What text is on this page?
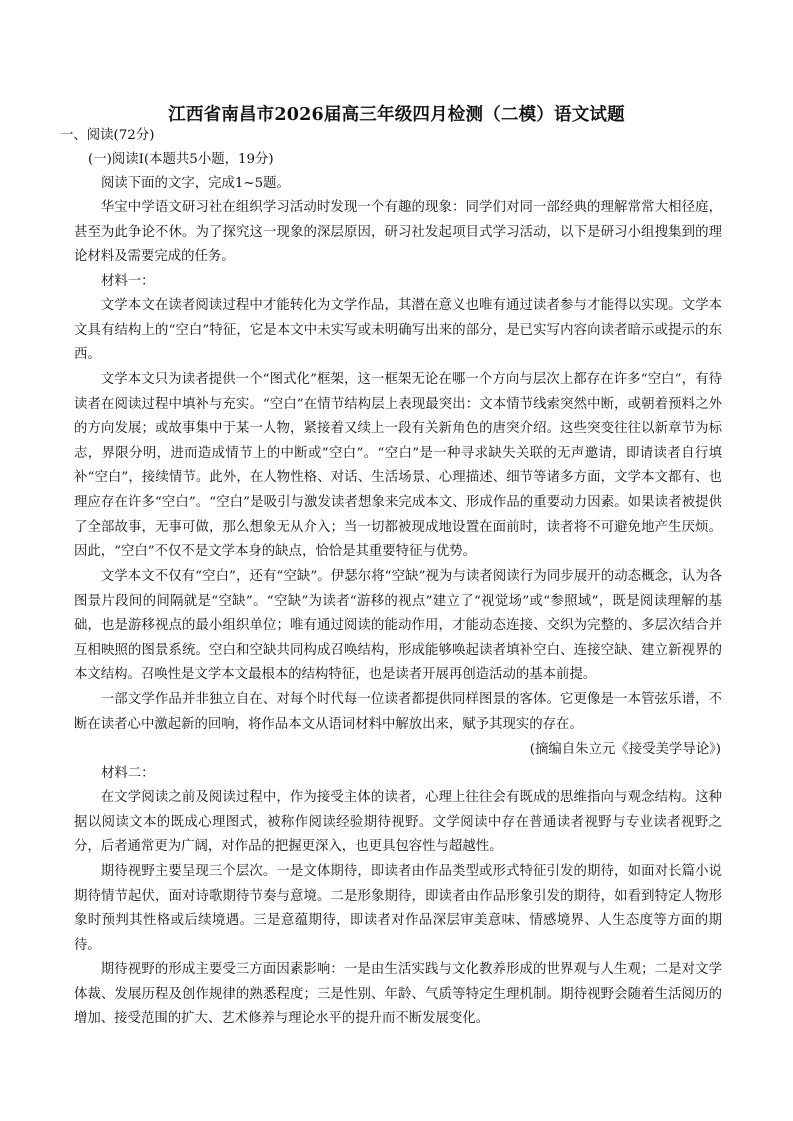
江西省南昌市2026届高三年级四月检测（二模）语文试题
一、阅读(72分)
(一)阅读Ⅰ(本题共5小题，19分)
阅读下面的文字，完成1~5题。

华宝中学语文研习社在组织学习活动时发现一个有趣的现象：同学们对同一部经典的理解常常大相径庭，甚至为此争论不休。为了探究这一现象的深层原因，研习社发起项目式学习活动，以下是研习小组搜集到的理论材料及需要完成的任务。

材料一：

文学本文在读者阅读过程中才能转化为文学作品，其潜在意义也唯有通过读者参与才能得以实现。文学本文具有结构上的“空白”特征，它是本文中未实写或未明确写出来的部分，是已实写内容向读者暗示或提示的东西。

文学本文只为读者提供一个“图式化”框架，这一框架无论在哪一个方向与层次上都存在许多“空白”，有待读者在阅读过程中填补与充实。“空白”在情节结构层上表现最突出：文本情节线索突然中断，或朝着预料之外的方向发展；或故事集中于某一人物，紧接着又续上一段有关新角色的唐突介绍。这些突变往往以新章节为标志，界限分明，进而造成情节上的中断或“空白”。“空白”是一种寻求缺失关联的无声邀请，即请读者自行填补“空白”，接续情节。此外，在人物性格、对话、生活场景、心理描述、细节等诸多方面，文学本文都有、也理应存在许多“空白”。“空白”是吸引与激发读者想象来完成本文、形成作品的重要动力因素。如果读者被提供了全部故事，无事可做，那么想象无从介入；当一切都被现成地设置在面前时，读者将不可避免地产生厌烦。因此，“空白”不仅不是文学本身的缺点，恰恰是其重要特征与优势。

文学本文不仅有“空白”，还有“空缺”。伊瑟尔将“空缺”视为与读者阅读行为同步展开的动态概念，认为各图景片段间的间隔就是“空缺”。“空缺”为读者“游移的视点”建立了“视觉场”或“参照域”，既是阅读理解的基础，也是游移视点的最小组织单位；唯有通过阅读的能动作用，才能动态连接、交织为完整的、多层次结合并互相映照的图景系统。空白和空缺共同构成召唤结构，形成能够唤起读者填补空白、连接空缺、建立新视界的本文结构。召唤性是文学本文最根本的结构特征，也是读者开展再创造活动的基本前提。

一部文学作品并非独立自在、对每个时代每一位读者都提供同样图景的客体。它更像是一本管弦乐谱，不断在读者心中激起新的回响，将作品本文从语词材料中解放出来，赋予其现实的存在。

(摘编自朱立元《接受美学导论》)
材料二：

在文学阅读之前及阅读过程中，作为接受主体的读者，心理上往往会有既成的思维指向与观念结构。这种据以阅读文本的既成心理图式，被称作阅读经验期待视野。文学阅读中存在普通读者视野与专业读者视野之分，后者通常更为广阔，对作品的把握更深入，也更具包容性与超越性。

期待视野主要呈现三个层次。一是文体期待，即读者由作品类型或形式特征引发的期待，如面对长篇小说期待情节起伏，面对诗歌期待节奏与意境。二是形象期待，即读者由作品形象引发的期待，如看到特定人物形象时预判其性格或后续境遇。三是意蕴期待，即读者对作品深层审美意味、情感境界、人生态度等方面的期待。

期待视野的形成主要受三方面因素影响：一是由生活实践与文化教养形成的世界观与人生观；二是对文学体裁、发展历程及创作规律的熟悉程度；三是性别、年龄、气质等特定生理机制。期待视野会随着生活阅历的增加、接受范围的扩大、艺术修养与理论水平的提升而不断发展变化。
